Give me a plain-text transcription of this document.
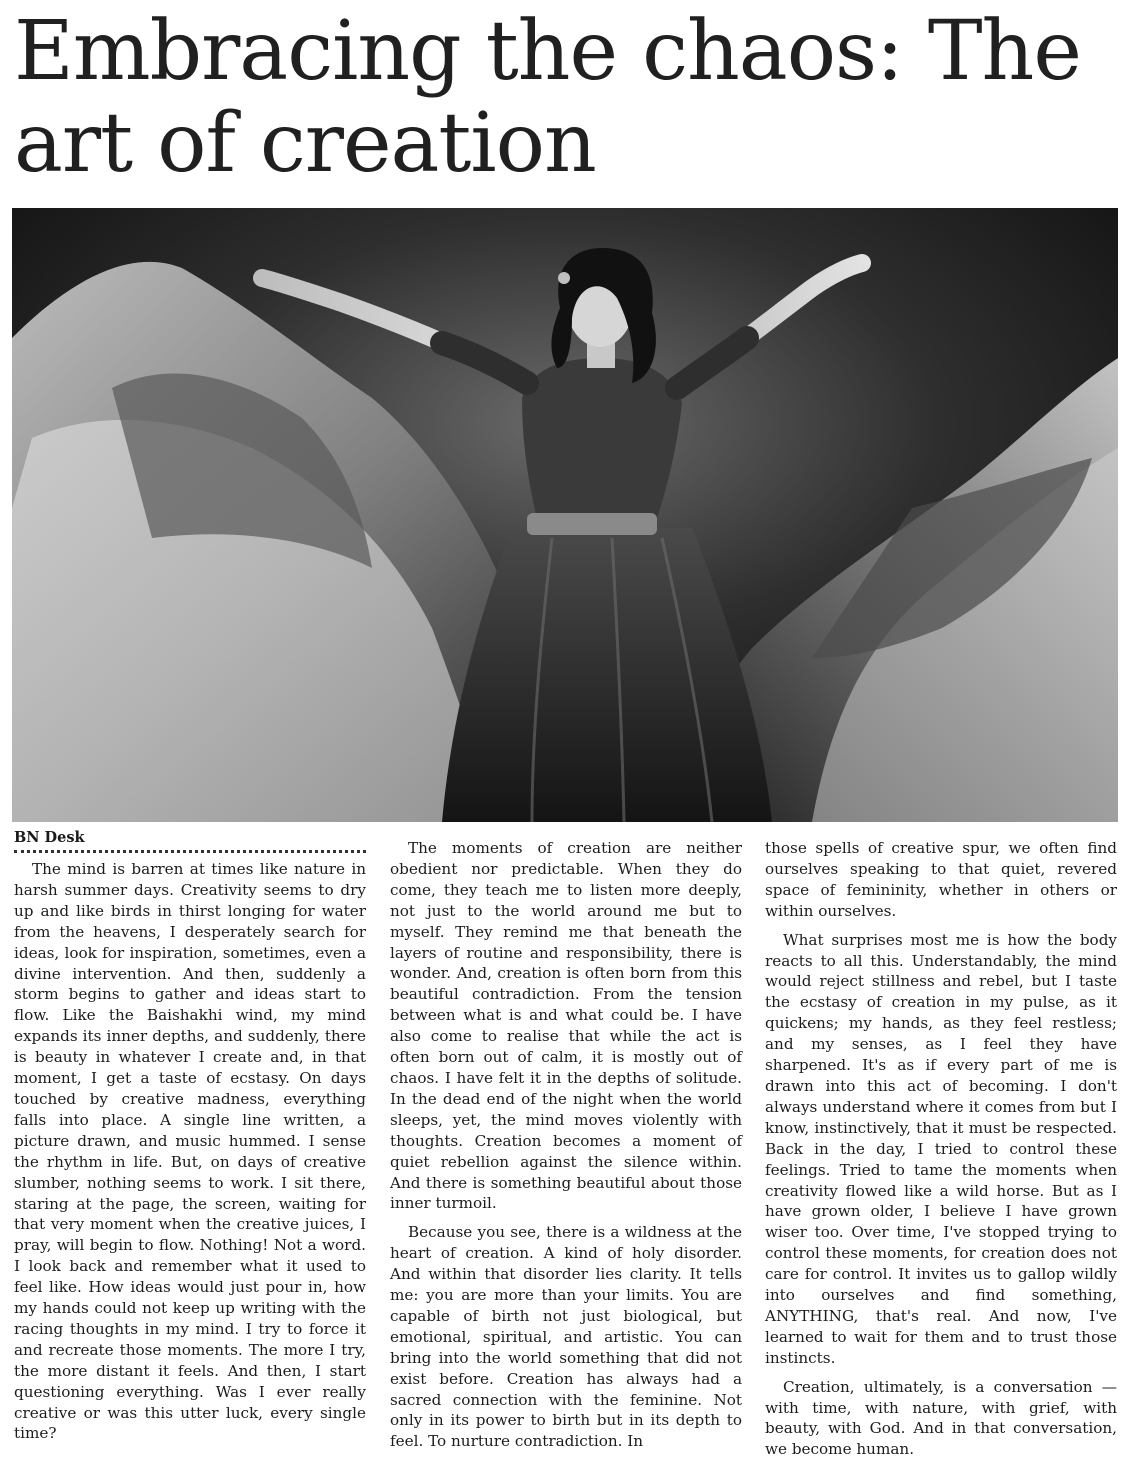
Embracing the chaos: The art of creation
BN Desk

The mind is barren at times like nature in harsh summer days. Creativity seems to dry up and like birds in thirst longing for water from the heavens, I desperately search for ideas, look for inspiration, sometimes, even a divine intervention. And then, suddenly a storm begins to gather and ideas start to flow. Like the Baishakhi wind, my mind expands its inner depths, and suddenly, there is beauty in whatever I create and, in that moment, I get a taste of ecstasy. On days touched by creative madness, everything falls into place. A single line written, a picture drawn, and music hummed. I sense the rhythm in life. But, on days of creative slumber, nothing seems to work. I sit there, staring at the page, the screen, waiting for that very moment when the creative juices, I pray, will begin to flow. Nothing! Not a word. I look back and remember what it used to feel like. How ideas would just pour in, how my hands could not keep up writing with the racing thoughts in my mind. I try to force it and recreate those moments. The more I try, the more distant it feels. And then, I start questioning everything. Was I ever really creative or was this utter luck, every single time?

The moments of creation are neither obedient nor predictable. When they do come, they teach me to listen more deeply, not just to the world around me but to myself. They remind me that beneath the layers of routine and responsibility, there is wonder. And, creation is often born from this beautiful contradiction. From the tension between what is and what could be. I have also come to realise that while the act is often born out of calm, it is mostly out of chaos. I have felt it in the depths of solitude. In the dead end of the night when the world sleeps, yet, the mind moves violently with thoughts. Creation becomes a moment of quiet rebellion against the silence within. And there is something beautiful about those inner turmoil.

Because you see, there is a wildness at the heart of creation. A kind of holy disorder. And within that disorder lies clarity. It tells me: you are more than your limits. You are capable of birth not just biological, but emotional, spiritual, and artistic. You can bring into the world something that did not exist before. Creation has always had a sacred connection with the feminine. Not only in its power to birth but in its depth to feel. To nurture contradiction. In

those spells of creative spur, we often find ourselves speaking to that quiet, revered space of femininity, whether in others or within ourselves.

What surprises most me is how the body reacts to all this. Understandably, the mind would reject stillness and rebel, but I taste the ecstasy of creation in my pulse, as it quickens; my hands, as they feel restless; and my senses, as I feel they have sharpened. It's as if every part of me is drawn into this act of becoming. I don't always understand where it comes from but I know, instinctively, that it must be respected. Back in the day, I tried to control these feelings. Tried to tame the moments when creativity flowed like a wild horse. But as I have grown older, I believe I have grown wiser too. Over time, I've stopped trying to control these moments, for creation does not care for control. It invites us to gallop wildly into ourselves and find something, ANYTHING, that's real. And now, I've learned to wait for them and to trust those instincts.

Creation, ultimately, is a conversation — with time, with nature, with grief, with beauty, with God. And in that conversation, we become human.
